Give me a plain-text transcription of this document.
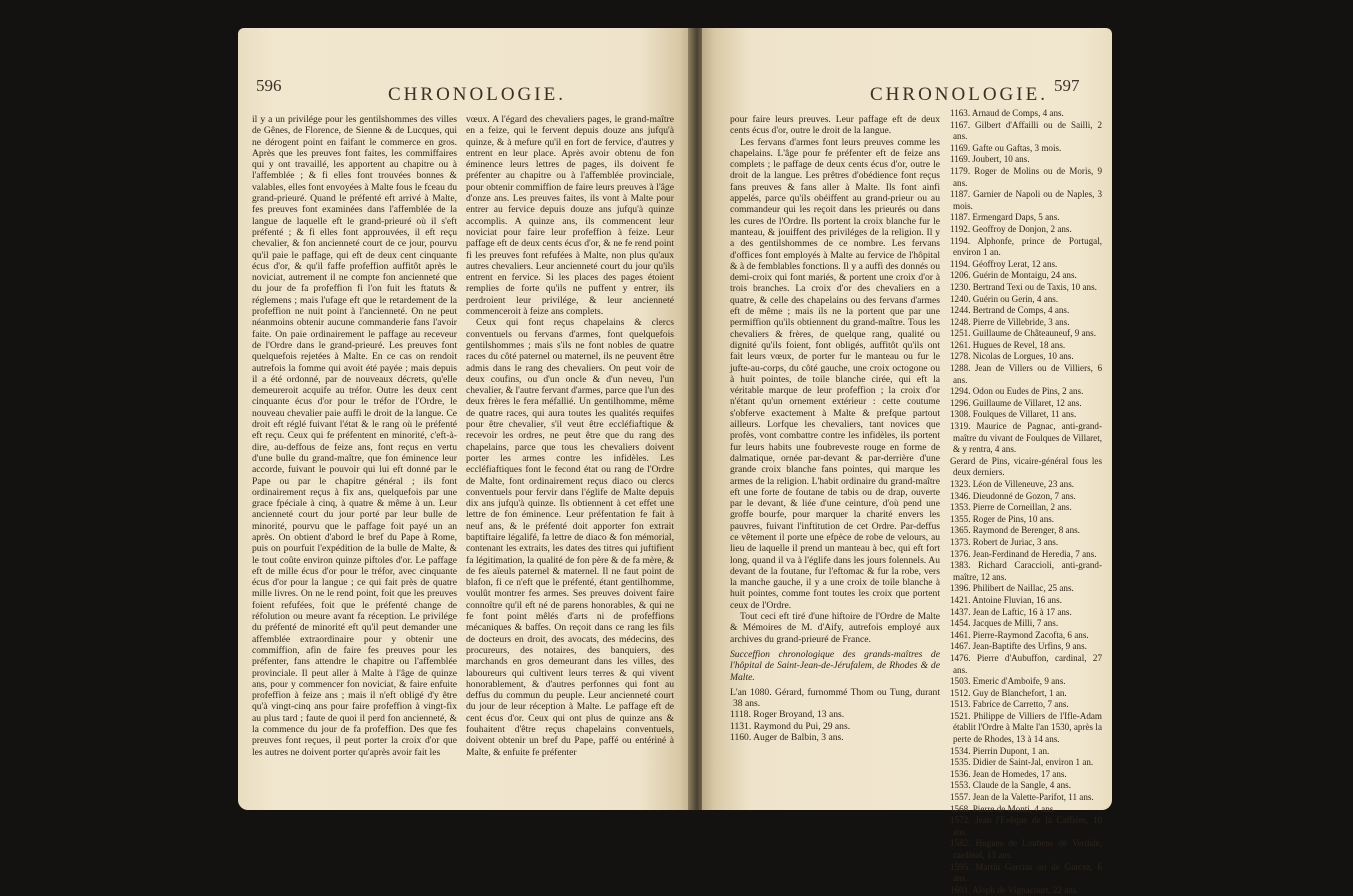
596	CHRONOLOGIE.

il y a un privilége pour les gentilshommes des villes de Gênes, de Florence, de Sienne & de Lucques, qui ne dérogent point en faifant le commerce en gros. Après que les preuves font faites, les commiffaires qui y ont travaillé, les apportent au chapitre ou à l'affemblée ; & fi elles font trouvées bonnes & valables, elles font envoyées à Malte fous le fceau du grand-prieuré. Quand le préfenté eft arrivé à Malte, fes preuves font examinées dans l'affemblée de la langue de laquelle eft le grand-prieuré où il s'eft préfenté ; & fi elles font approuvées, il eft reçu chevalier, & fon ancienneté court de ce jour, pourvu qu'il paie le paffage, qui eft de deux cent cinquante écus d'or, & qu'il faffe profeffion auffitôt après le noviciat, autrement il ne compte fon ancienneté que du jour de fa profeffion fi l'on fuit les ftatuts & réglemens ; mais l'ufage eft que le retardement de la profeffion ne nuit point à l'ancienneté. On ne peut néanmoins obtenir aucune commanderie fans l'avoir faite. On paie ordinairement le paffage au receveur de l'Ordre dans le grand-prieuré. Les preuves font quelquefois rejetées à Malte. En ce cas on rendoit autrefois la fomme qui avoit été payée ; mais depuis il a été ordonné, par de nouveaux décrets, qu'elle demeureroit acquife au tréfor. Outre les deux cent cinquante écus d'or pour le tréfor de l'Ordre, le nouveau chevalier paie auffi le droit de la langue. Ce droit eft réglé fuivant l'état & le rang où le préfenté eft reçu. Ceux qui fe préfentent en minorité, c'eft-à-dire, au-deffous de feize ans, font reçus en vertu d'une bulle du grand-maître, que fon éminence leur accorde, fuivant le pouvoir qui lui eft donné par le Pape ou par le chapitre général ; ils font ordinairement reçus à fix ans, quelquefois par une grace fpéciale à cinq, à quatre & même à un. Leur ancienneté court du jour porté par leur bulle de minorité, pourvu que le paffage foit payé un an après. On obtient d'abord le bref du Pape à Rome, puis on pourfuit l'expédition de la bulle de Malte, & le tout coûte environ quinze piftoles d'or. Le paffage eft de mille écus d'or pour le tréfor, avec cinquante écus d'or pour la langue ; ce qui fait près de quatre mille livres. On ne le rend point, foit que les preuves foient refufées, foit que le préfenté change de réfolution ou meure avant fa réception. Le privilége du préfenté de minorité eft qu'il peut demander une affemblée extraordinaire pour y obtenir une commiffion, afin de faire fes preuves pour les préfenter, fans attendre le chapitre ou l'affemblée provinciale. Il peut aller à Malte à l'âge de quinze ans, pour y commencer fon noviciat, & faire enfuite profeffion à feize ans ; mais il n'eft obligé d'y être qu'à vingt-cinq ans pour faire profeffion à vingt-fix au plus tard ; faute de quoi il perd fon ancienneté, & la commence du jour de fa profeffion. Des que fes preuves font reçues, il peut porter la croix d'or que les autres ne doivent porter qu'après avoir fait les

vœux. A l'égard des chevaliers pages, le grand-maître en a feize, qui le fervent depuis douze ans jufqu'à quinze, & à mefure qu'il en fort de fervice, d'autres y entrent en leur place. Après avoir obtenu de fon éminence leurs lettres de pages, ils doivent fe préfenter au chapitre ou à l'affemblée provinciale, pour obtenir commiffion de faire leurs preuves à l'âge d'onze ans. Les preuves faites, ils vont à Malte pour entrer au fervice depuis douze ans jufqu'à quinze accomplis. A quinze ans, ils commencent leur noviciat pour faire leur profeffion à feize. Leur paffage eft de deux cents écus d'or, & ne fe rend point fi les preuves font refufées à Malte, non plus qu'aux autres chevaliers. Leur ancienneté court du jour qu'ils entrent en fervice. Si les places des pages étoient remplies de forte qu'ils ne puffent y entrer, ils perdroient leur privilége, & leur ancienneté commenceroit à feize ans complets.

Ceux qui font reçus chapelains & clercs conventuels ou fervans d'armes, font quelquefois gentilshommes ; mais s'ils ne font nobles de quatre races du côté paternel ou maternel, ils ne peuvent être admis dans le rang des chevaliers. On peut voir de deux coufins, ou d'un oncle & d'un neveu, l'un chevalier, & l'autre fervant d'armes, parce que l'un des deux frères le fera méfallié. Un gentilhomme, même de quatre races, qui aura toutes les qualités requifes pour être chevalier, s'il veut être eccléfiaftique & recevoir les ordres, ne peut être que du rang des chapelains, parce que tous les chevaliers doivent porter les armes contre les infidèles. Les eccléfiaftiques font le fecond état ou rang de l'Ordre de Malte, font ordinairement reçus diaco ou clercs conventuels pour fervir dans l'églife de Malte depuis dix ans jufqu'à quinze. Ils obtiennent à cet effet une lettre de fon éminence. Leur préfentation fe fait à neuf ans, & le préfenté doit apporter fon extrait baptiftaire légalifé, fa lettre de diaco & fon mémorial, contenant les extraits, les dates des titres qui juftifient fa légitimation, la qualité de fon père & de fa mère, & de fes aïeuls paternel & maternel. Il ne faut point de blafon, fi ce n'eft que le préfenté, étant gentilhomme, voulût montrer fes armes. Ses preuves doivent faire connoître qu'il eft né de parens honorables, & qui ne fe font point mêlés d'arts ni de profeffions mécaniques & baffes. On reçoit dans ce rang les fils de docteurs en droit, des avocats, des médecins, des procureurs, des notaires, des banquiers, des marchands en gros demeurant dans les villes, des laboureurs qui cultivent leurs terres & qui vivent honorablement, & d'autres perfonnes qui font au deffus du commun du peuple. Leur ancienneté court du jour de leur réception à Malte. Le paffage eft de cent écus d'or. Ceux qui ont plus de quinze ans & fouhaitent d'être reçus chapelains conventuels, doivent obtenir un bref du Pape, paffé ou entériné à Malte, & enfuite fe préfenter

CHRONOLOGIE. 597

pour faire leurs preuves. Leur paffage eft de deux cents écus d'or, outre le droit de la langue.

Les fervans d'armes font leurs preuves comme les chapelains. L'âge pour fe préfenter eft de feize ans complets ; le paffage de deux cents écus d'or, outre le droit de la langue. Les prêtres d'obédience font reçus fans preuves & fans aller à Malte. Ils font ainfi appelés, parce qu'ils obéiffent au grand-prieur ou au commandeur qui les reçoit dans les prieurés ou dans les cures de l'Ordre. Ils portent la croix blanche fur le manteau, & jouiffent des priviléges de la religion. Il y a des gentilshommes de ce nombre. Les fervans d'offices font employés à Malte au fervice de l'hôpital & à de femblables fonctions. Il y a auffi des donnés ou demi-croix qui font mariés, & portent une croix d'or à trois branches. La croix d'or des chevaliers en a quatre, & celle des chapelains ou des fervans d'armes eft de même ; mais ils ne la portent que par une permiffion qu'ils obtiennent du grand-maître. Tous les chevaliers & frères, de quelque rang, qualité ou dignité qu'ils foient, font obligés, auffitôt qu'ils ont fait leurs vœux, de porter fur le manteau ou fur le jufte-au-corps, du côté gauche, une croix octogone ou à huit pointes, de toile blanche cirée, qui eft la véritable marque de leur profeffion ; la croix d'or n'étant qu'un ornement extérieur : cette coutume s'obferve exactement à Malte & prefque partout ailleurs. Lorfque les chevaliers, tant novices que profès, vont combattre contre les infidèles, ils portent fur leurs habits une foubreveste rouge en forme de dalmatique, ornée par-devant & par-derrière d'une grande croix blanche fans pointes, qui marque les armes de la religion. L'habit ordinaire du grand-maître eft une forte de foutane de tabis ou de drap, ouverte par le devant, & liée d'une ceinture, d'où pend une groffe bourfe, pour marquer la charité envers les pauvres, fuivant l'inftitution de cet Ordre. Par-deffus ce vêtement il porte une efpèce de robe de velours, au lieu de laquelle il prend un manteau à bec, qui eft fort long, quand il va à l'églife dans les jours folennels. Au devant de la foutane, fur l'eftomac & fur la robe, vers la manche gauche, il y a une croix de toile blanche à huit pointes, comme font toutes les croix que portent ceux de l'Ordre.

Tout ceci eft tiré d'une hiftoire de l'Ordre de Malte & Mémoires de M. d'Aify, autrefois employé aux archives du grand-prieuré de France.

Succeffion chronologique des grands-maîtres de l'hôpital de Saint-Jean-de-Jérufalem, de Rhodes & de Malte.

L'an 1080. Gérard, furnommé Thom ou Tung, durant 38 ans.
1118. Roger Broyand, 13 ans.
1131. Raymond du Pui, 29 ans.
1160. Auger de Balbin, 3 ans.
1163. Arnaud de Comps, 4 ans.
1167. Gilbert d'Affailli ou de Sailli, 2 ans.
1169. Gafte ou Gaftas, 3 mois.
1169. Joubert, 10 ans.
1179. Roger de Molins ou de Moris, 9 ans.
1187. Garnier de Napoli ou de Naples, 3 mois.
1187. Ermengard Daps, 5 ans.
1192. Geoffroy de Donjon, 2 ans.
1194. Alphonfe, prince de Portugal, environ 1 an.
1194. Géoffroy Lerat, 12 ans.
1206. Guérin de Montaigu, 24 ans.
1230. Bertrand Texi ou de Taxis, 10 ans.
1240. Guérin ou Gerin, 4 ans.
1244. Bertrand de Comps, 4 ans.
1248. Pierre de Villebride, 3 ans.
1251. Guillaume de Châteauneuf, 9 ans.
1261. Hugues de Revel, 18 ans.
1278. Nicolas de Lorgues, 10 ans.
1288. Jean de Villers ou de Villiers, 6 ans.
1294. Odon ou Eudes de Pins, 2 ans.
1296. Guillaume de Villaret, 12 ans.
1308. Foulques de Villaret, 11 ans.
1319. Maurice de Pagnac, anti-grand-maître du vivant de Foulques de Villaret, & y rentra, 4 ans.
Gerard de Pins, vicaire-général fous les deux derniers.
1323. Léon de Villeneuve, 23 ans.
1346. Dieudonné de Gozon, 7 ans.
1353. Pierre de Corneillan, 2 ans.
1355. Roger de Pins, 10 ans.
1365. Raymond de Berenger, 8 ans.
1373. Robert de Juriac, 3 ans.
1376. Jean-Ferdinand de Heredia, 7 ans.
1383. Richard Caraccioli, anti-grand-maître, 12 ans.
1396. Philibert de Naillac, 25 ans.
1421. Antoine Fluvian, 16 ans.
1437. Jean de Laftic, 16 à 17 ans.
1454. Jacques de Milli, 7 ans.
1461. Pierre-Raymond Zacofta, 6 ans.
1467. Jean-Baptifte des Urfins, 9 ans.
1476. Pierre d'Aubuffon, cardinal, 27 ans.
1503. Emeric d'Amboife, 9 ans.
1512. Guy de Blanchefort, 1 an.
1513. Fabrice de Carretto, 7 ans.
1521. Philippe de Villiers de l'Ifle-Adam établit l'Ordre à Malte l'an 1530, après la perte de Rhodes, 13 à 14 ans.
1534. Pierrin Dupont, 1 an.
1535. Didier de Saint-Jal, environ 1 an.
1536. Jean de Homedes, 17 ans.
1553. Claude de la Sangle, 4 ans.
1557. Jean de la Valette-Parifot, 11 ans.
1568. Pierre de Monti, 4 ans.
1572. Jean l'Evêque de la Caffière, 10 ans.
1582. Hugues de Loubens de Verdale, cardinal, 13 ans.
1595. Martin Garcias ou de Garcez, 6 ans.
1601. Aloph de Vignacourt, 22 ans.
